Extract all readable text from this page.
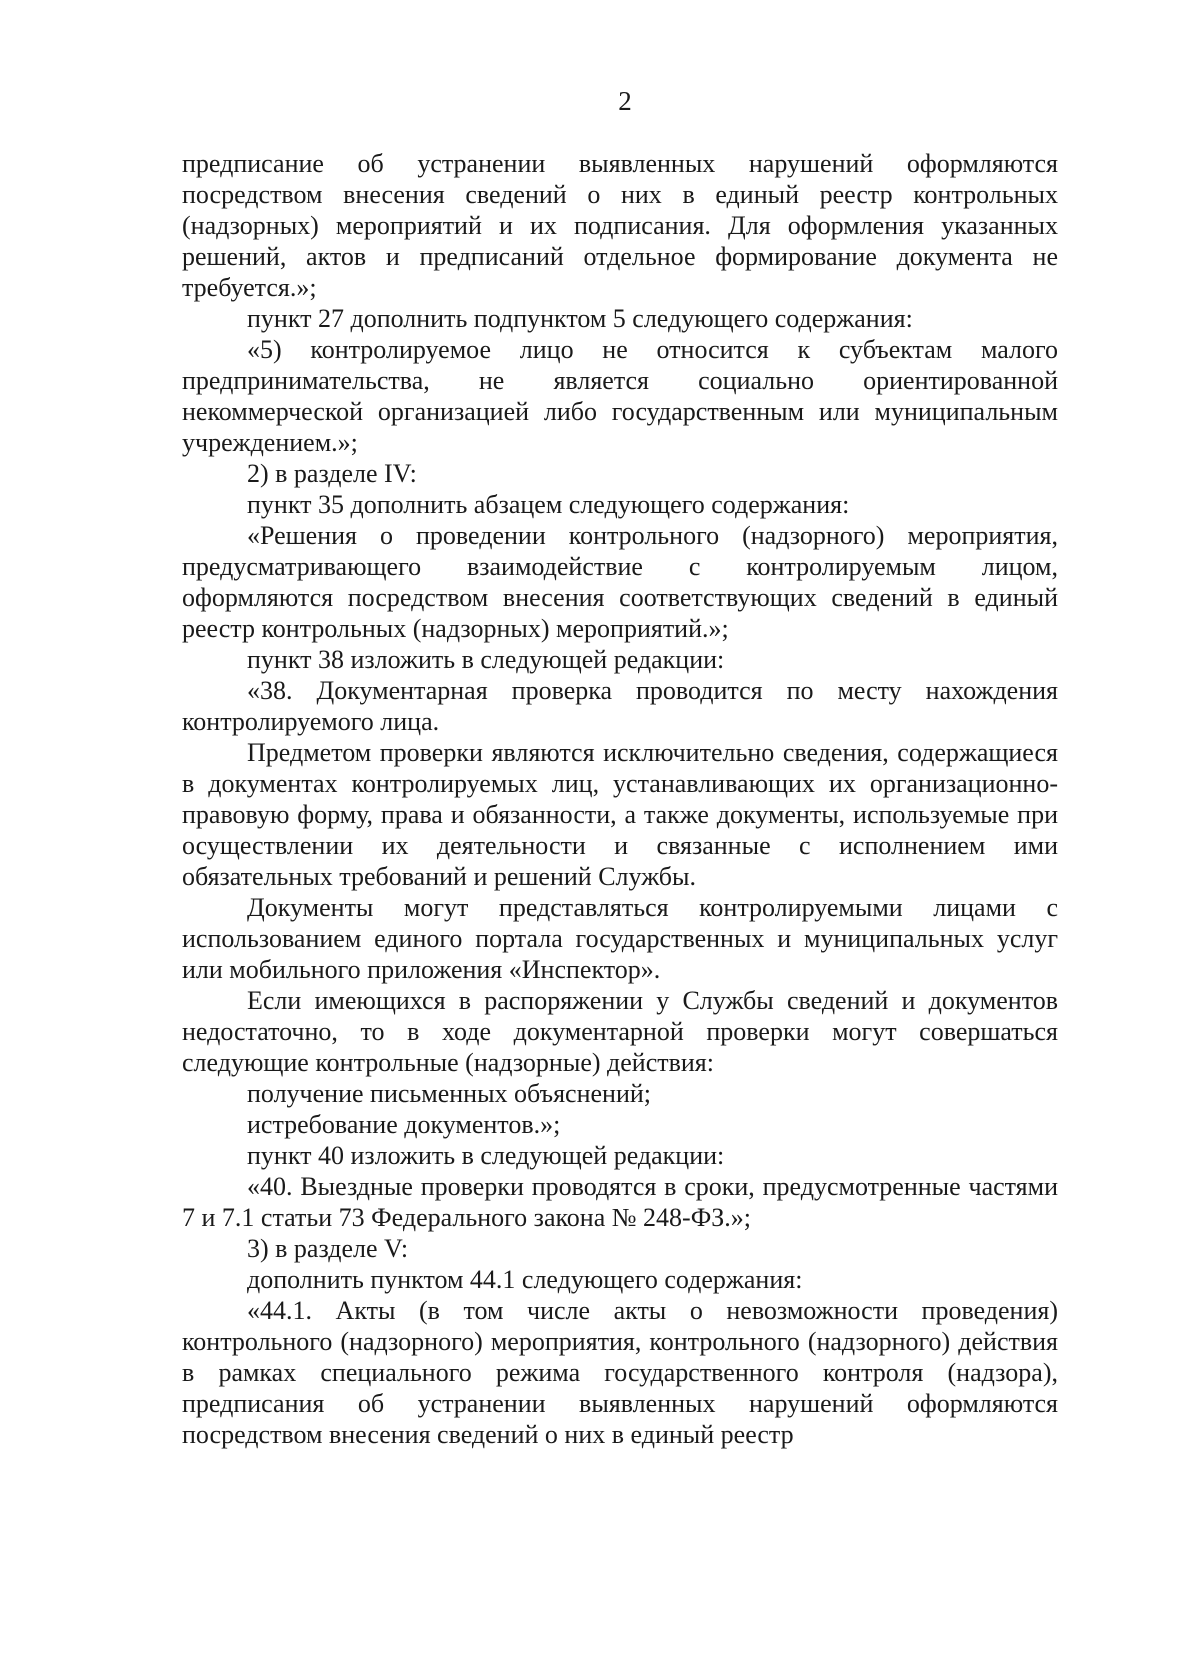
2

предписание об устранении выявленных нарушений оформляются посредством внесения сведений о них в единый реестр контрольных (надзорных) мероприятий и их подписания. Для оформления указанных решений, актов и предписаний отдельное формирование документа не требуется.»;

пункт 27 дополнить подпунктом 5 следующего содержания:

«5) контролируемое лицо не относится к субъектам малого предпринимательства, не является социально ориентированной некоммерческой организацией либо государственным или муниципальным учреждением.»;

2) в разделе IV:

пункт 35 дополнить абзацем следующего содержания:

«Решения о проведении контрольного (надзорного) мероприятия, предусматривающего взаимодействие с контролируемым лицом, оформляются посредством внесения соответствующих сведений в единый реестр контрольных (надзорных) мероприятий.»;

пункт 38 изложить в следующей редакции:

«38. Документарная проверка проводится по месту нахождения контролируемого лица.

Предметом проверки являются исключительно сведения, содержащиеся в документах контролируемых лиц, устанавливающих их организационно-правовую форму, права и обязанности, а также документы, используемые при осуществлении их деятельности и связанные с исполнением ими обязательных требований и решений Службы.

Документы могут представляться контролируемыми лицами с использованием единого портала государственных и муниципальных услуг или мобильного приложения «Инспектор».

Если имеющихся в распоряжении у Службы сведений и документов недостаточно, то в ходе документарной проверки могут совершаться следующие контрольные (надзорные) действия:

получение письменных объяснений;

истребование документов.»;

пункт 40 изложить в следующей редакции:

«40. Выездные проверки проводятся в сроки, предусмотренные частями 7 и 7.1 статьи 73 Федерального закона № 248-ФЗ.»;

3) в разделе V:

дополнить пунктом 44.1 следующего содержания:

«44.1. Акты (в том числе акты о невозможности проведения) контрольного (надзорного) мероприятия, контрольного (надзорного) действия в рамках специального режима государственного контроля (надзора), предписания об устранении выявленных нарушений оформляются посредством внесения сведений о них в единый реестр
